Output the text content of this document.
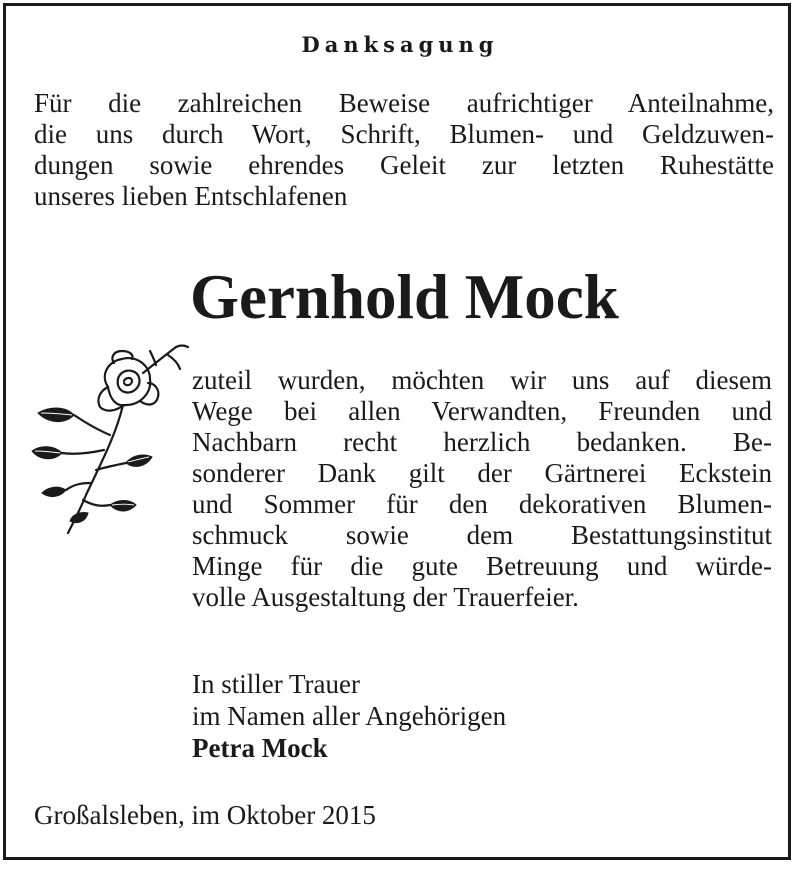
Danksagung
Für die zahlreichen Beweise aufrichtiger Anteilnahme,
die uns durch Wort, Schrift, Blumen- und Geldzuwen-
dungen sowie ehrendes Geleit zur letzten Ruhestätte
unseres lieben Entschlafenen
Gernhold Mock
zuteil wurden, möchten wir uns auf diesem
Wege bei allen Verwandten, Freunden und
Nachbarn recht herzlich bedanken. Be-
sonderer Dank gilt der Gärtnerei Eckstein
und Sommer für den dekorativen Blumen-
schmuck sowie dem Bestattungsinstitut
Minge für die gute Betreuung und würde-
volle Ausgestaltung der Trauerfeier.
In stiller Trauer
im Namen aller Angehörigen
Petra Mock
Großalsleben, im Oktober 2015
